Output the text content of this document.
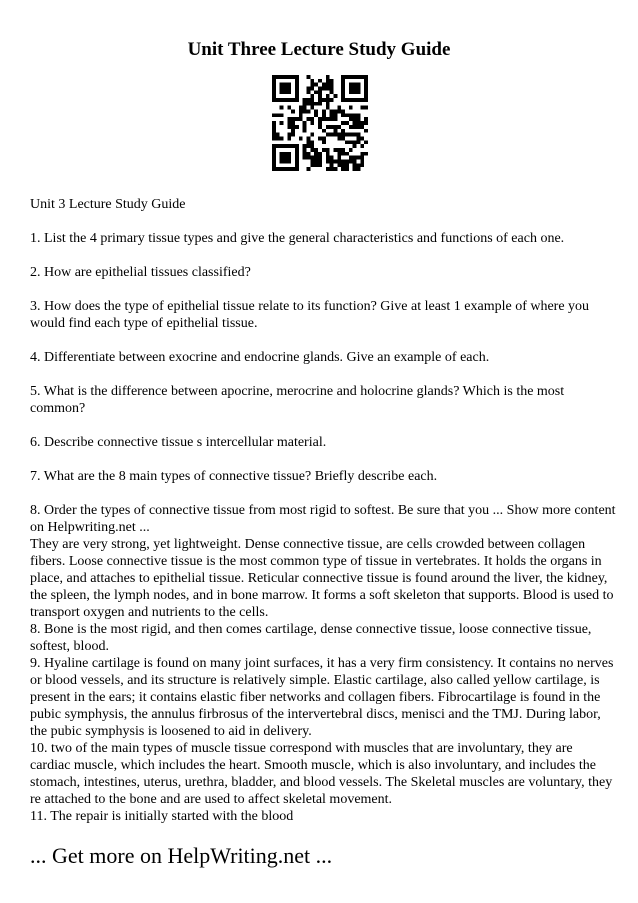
Unit Three Lecture Study Guide

Unit 3 Lecture Study Guide

1. List the 4 primary tissue types and give the general characteristics and functions of each one.

2. How are epithelial tissues classified?

3. How does the type of epithelial tissue relate to its function? Give at least 1 example of where you would find each type of epithelial tissue.

4. Differentiate between exocrine and endocrine glands. Give an example of each.

5. What is the difference between apocrine, merocrine and holocrine glands? Which is the most common?

6. Describe connective tissue s intercellular material.

7. What are the 8 main types of connective tissue? Briefly describe each.

8. Order the types of connective tissue from most rigid to softest. Be sure that you ... Show more content on Helpwriting.net ...

They are very strong, yet lightweight. Dense connective tissue, are cells crowded between collagen fibers. Loose connective tissue is the most common type of tissue in vertebrates. It holds the organs in place, and attaches to epithelial tissue. Reticular connective tissue is found around the liver, the kidney, the spleen, the lymph nodes, and in bone marrow. It forms a soft skeleton that supports. Blood is used to transport oxygen and nutrients to the cells.

8. Bone is the most rigid, and then comes cartilage, dense connective tissue, loose connective tissue, softest, blood.

9. Hyaline cartilage is found on many joint surfaces, it has a very firm consistency. It contains no nerves or blood vessels, and its structure is relatively simple. Elastic cartilage, also called yellow cartilage, is present in the ears; it contains elastic fiber networks and collagen fibers. Fibrocartilage is found in the pubic symphysis, the annulus firbrosus of the intervertebral discs, menisci and the TMJ. During labor, the pubic symphysis is loosened to aid in delivery.

10. two of the main types of muscle tissue correspond with muscles that are involuntary, they are cardiac muscle, which includes the heart. Smooth muscle, which is also involuntary, and includes the stomach, intestines, uterus, urethra, bladder, and blood vessels. The Skeletal muscles are voluntary, they re attached to the bone and are used to affect skeletal movement.

11. The repair is initially started with the blood

... Get more on HelpWriting.net ...
